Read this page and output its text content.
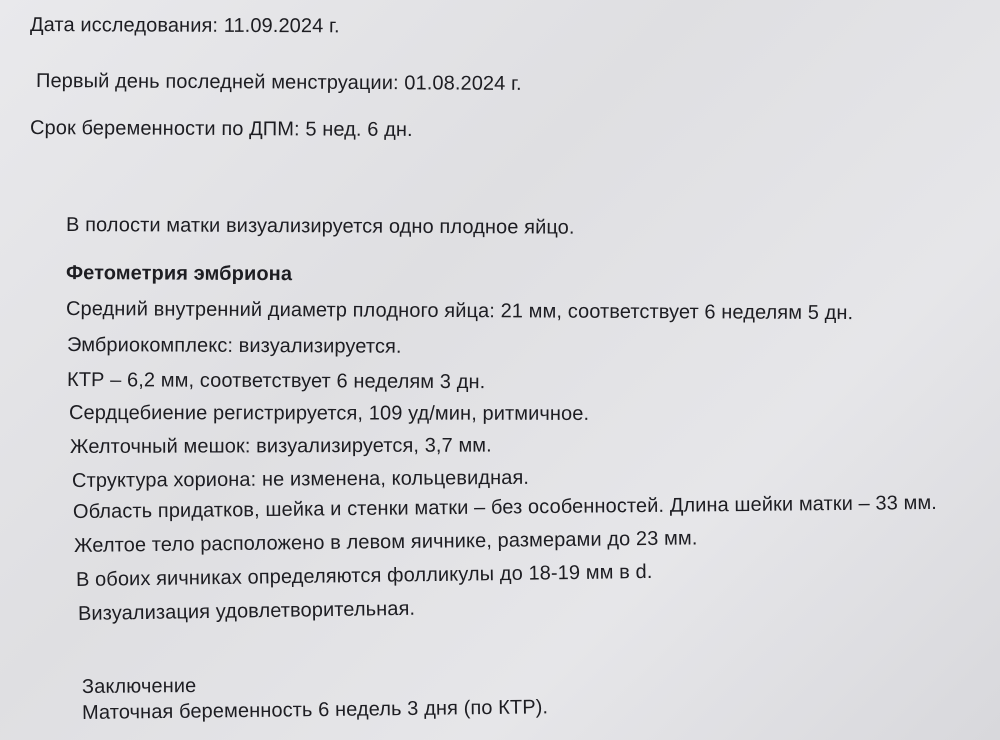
Дата исследования: 11.09.2024 г.
Первый день последней менструации: 01.08.2024 г.
Срок беременности по ДПМ: 5 нед. 6 дн.
В полости матки визуализируется одно плодное яйцо.
Фетометрия эмбриона
Средний внутренний диаметр плодного яйца: 21 мм, соответствует 6 неделям 5 дн.
Эмбриокомплекс: визуализируется.
КТР – 6,2 мм, соответствует 6 неделям 3 дн.
Сердцебиение регистрируется, 109 уд/мин, ритмичное.
Желточный мешок: визуализируется, 3,7 мм.
Структура хориона: не изменена, кольцевидная.
Область придатков, шейка и стенки матки – без особенностей. Длина шейки матки – 33 мм.
Желтое тело расположено в левом яичнике, размерами до 23 мм.
В обоих яичниках определяются фолликулы до 18-19 мм в d.
Визуализация удовлетворительная.
Заключение
Маточная беременность 6 недель 3 дня (по КТР).
